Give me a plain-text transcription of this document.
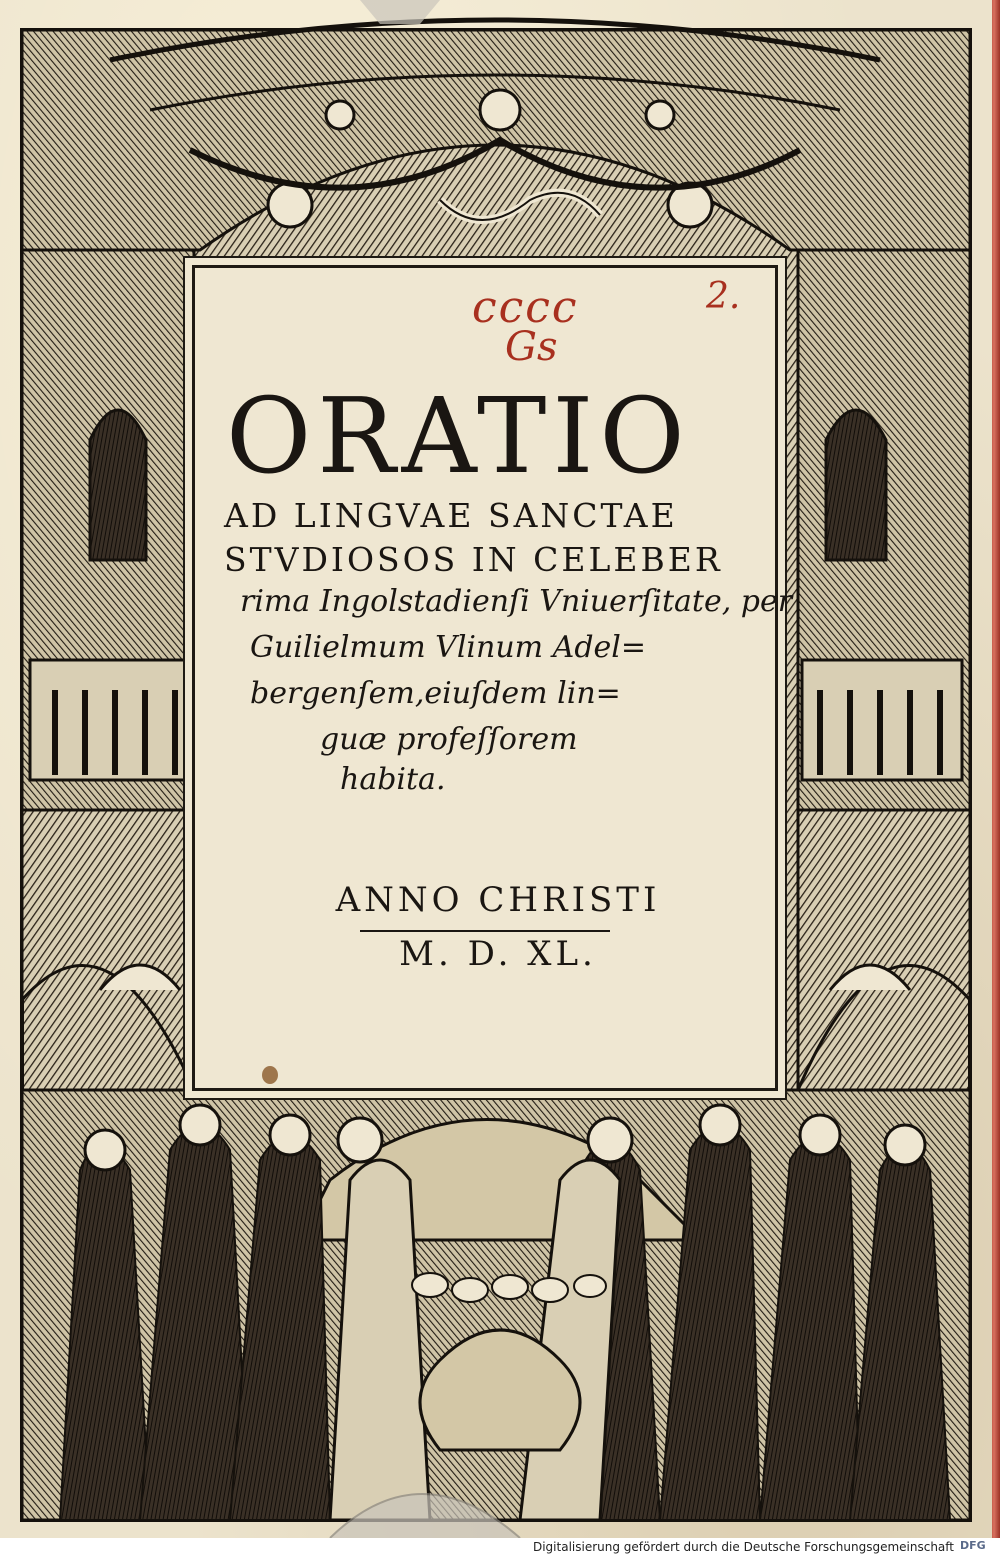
cccc
Gs
2.
ORATIO
AD LINGVAE SANCTAE
STVDIOSOS IN CELEBER
rima Ingolstadienſi Vniuerſitate, per
Guilielmum Vlinum Adel=
bergenſem,eiuſdem lin=
guæ profeſſorem
habita.
ANNO CHRISTI
M. D. XL.
Digitalisierung gefördert durch die Deutsche Forschungsgemeinschaft DFG
